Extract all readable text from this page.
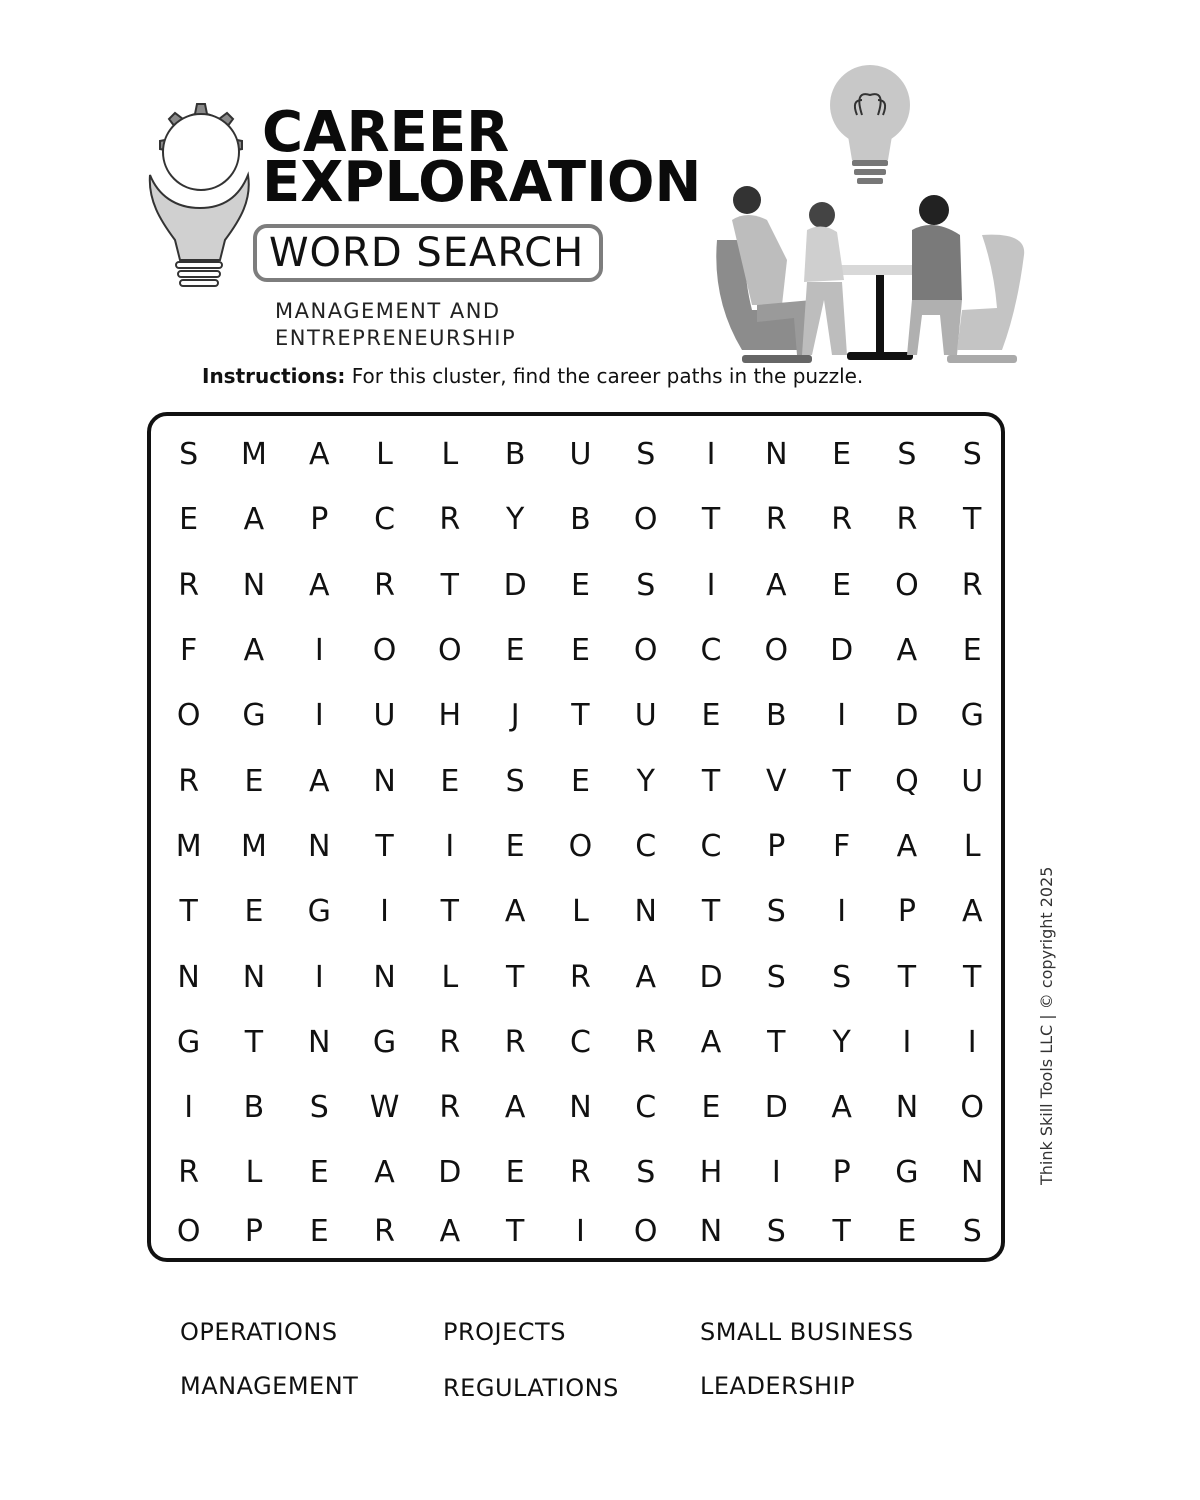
CAREER
EXPLORATION
WORD SEARCH
MANAGEMENT AND
ENTREPRENEURSHIP
Instructions: For this cluster, find the career paths in the puzzle.
S	M	A	L	L	B	U	S	I	N	E	S	S
E	A	P	C	R	Y	B	O	T	R	R	R	T
R	N	A	R	T	D	E	S	I	A	E	O	R
F	A	I	O	O	E	E	O	C	O	D	A	E
O	G	I	U	H	J	T	U	E	B	I	D	G
R	E	A	N	E	S	E	Y	T	V	T	Q	U
M	M	N	T	I	E	O	C	C	P	F	A	L
T	E	G	I	T	A	L	N	T	S	I	P	A
N	N	I	N	L	T	R	A	D	S	S	T	T
G	T	N	G	R	R	C	R	A	T	Y	I	I
I	B	S	W	R	A	N	C	E	D	A	N	O
R	L	E	A	D	E	R	S	H	I	P	G	N
O	P	E	R	A	T	I	O	N	S	T	E	S
Think Skill Tools LLC | © copyright 2025
OPERATIONS	PROJECTS	SMALL BUSINESS
MANAGEMENT	REGULATIONS	LEADERSHIP
